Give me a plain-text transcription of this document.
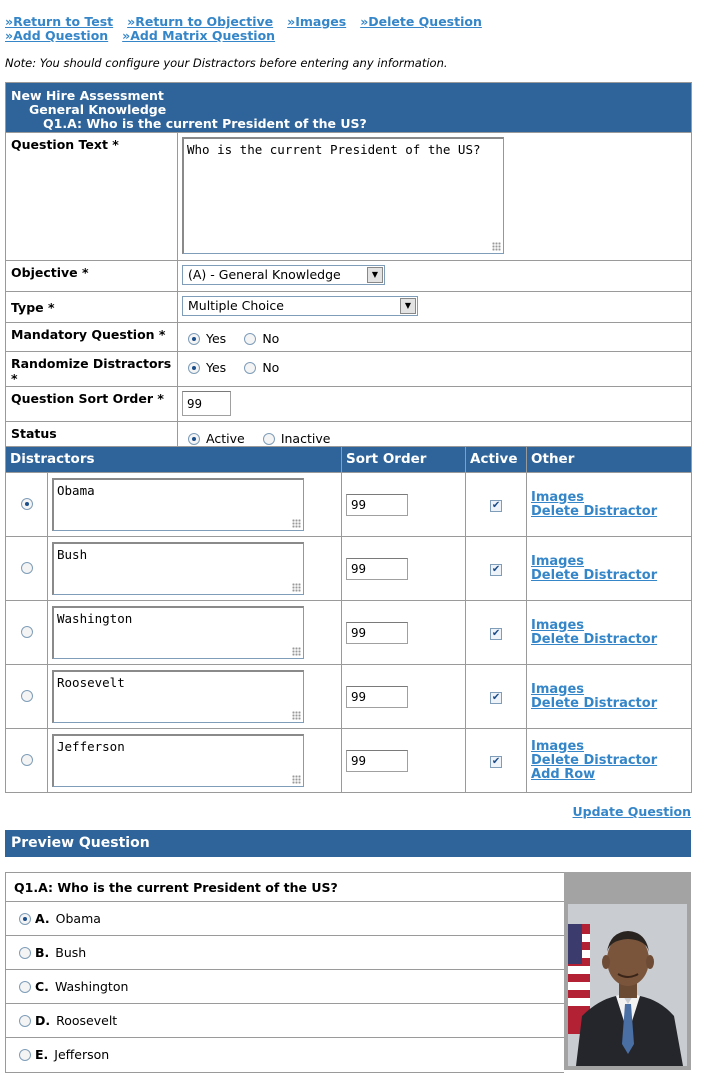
»Return to Test »Return to Objective »Images »Delete Question
»Add Question »Add Matrix Question
Note: You should configure your Distractors before entering any information.
New Hire Assessment
General Knowledge
Q1.A: Who is the current President of the US?	

Question Text *	Who is the current President of the US?

Objective *	(A) - General Knowledge ▼

Type *	Multiple Choice ▼

Mandatory Question *	Yes No
Randomize Distractors *	Yes No
Question Sort Order *	99
Status	Active Inactive
Distractors		Sort Order	Active	Other

	Obama	99	✔	Images
Delete Distractor

	Bush	99	✔	Images
Delete Distractor

	Washington	99	✔	Images
Delete Distractor

	Roosevelt	99	✔	Images
Delete Distractor

	Jefferson	99	✔	Images
Delete Distractor
Add Row
Update Question
Preview Question
Q1.A: Who is the current President of the US?
A. Obama
B. Bush
C. Washington
D. Roosevelt
E. Jefferson
